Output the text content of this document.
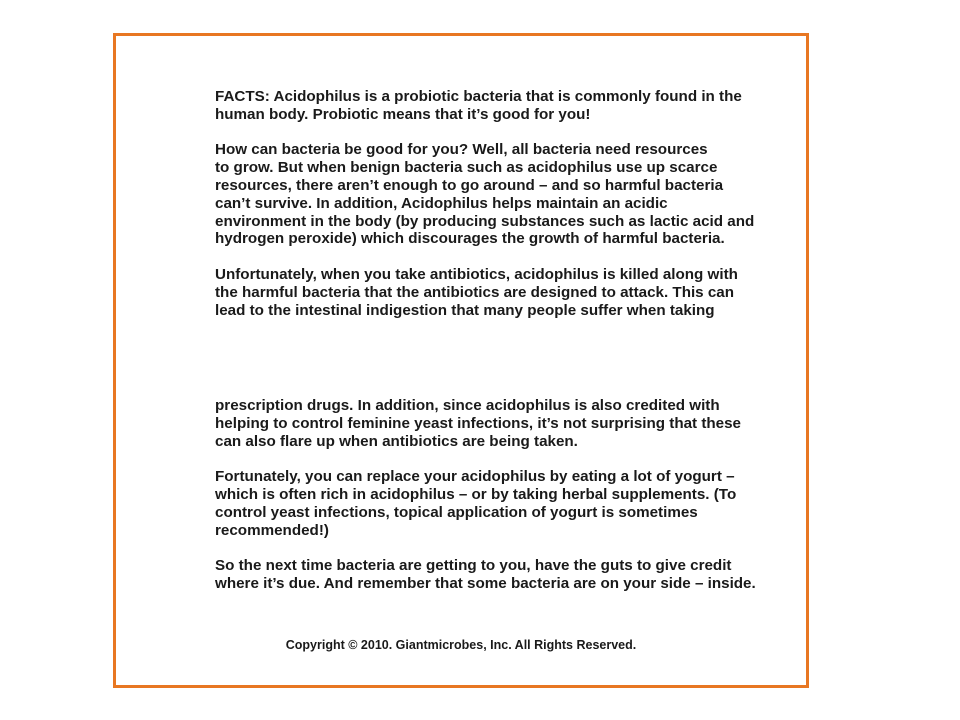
FACTS: Acidophilus is a probiotic bacteria that is commonly found in the
human body. Probiotic means that it’s good for you!

How can bacteria be good for you? Well, all bacteria need resources
to grow. But when benign bacteria such as acidophilus use up scarce
resources, there aren’t enough to go around – and so harmful bacteria
can’t survive. In addition, Acidophilus helps maintain an acidic
environment in the body (by producing substances such as lactic acid and
hydrogen peroxide) which discourages the growth of harmful bacteria.

Unfortunately, when you take antibiotics, acidophilus is killed along with
the harmful bacteria that the antibiotics are designed to attack. This can
lead to the intestinal indigestion that many people suffer when taking

prescription drugs. In addition, since acidophilus is also credited with
helping to control feminine yeast infections, it’s not surprising that these
can also flare up when antibiotics are being taken.

Fortunately, you can replace your acidophilus by eating a lot of yogurt –
which is often rich in acidophilus – or by taking herbal supplements. (To
control yeast infections, topical application of yogurt is sometimes
recommended!)

So the next time bacteria are getting to you, have the guts to give credit
where it’s due. And remember that some bacteria are on your side – inside.

Copyright © 2010. Giantmicrobes, Inc. All Rights Reserved.
